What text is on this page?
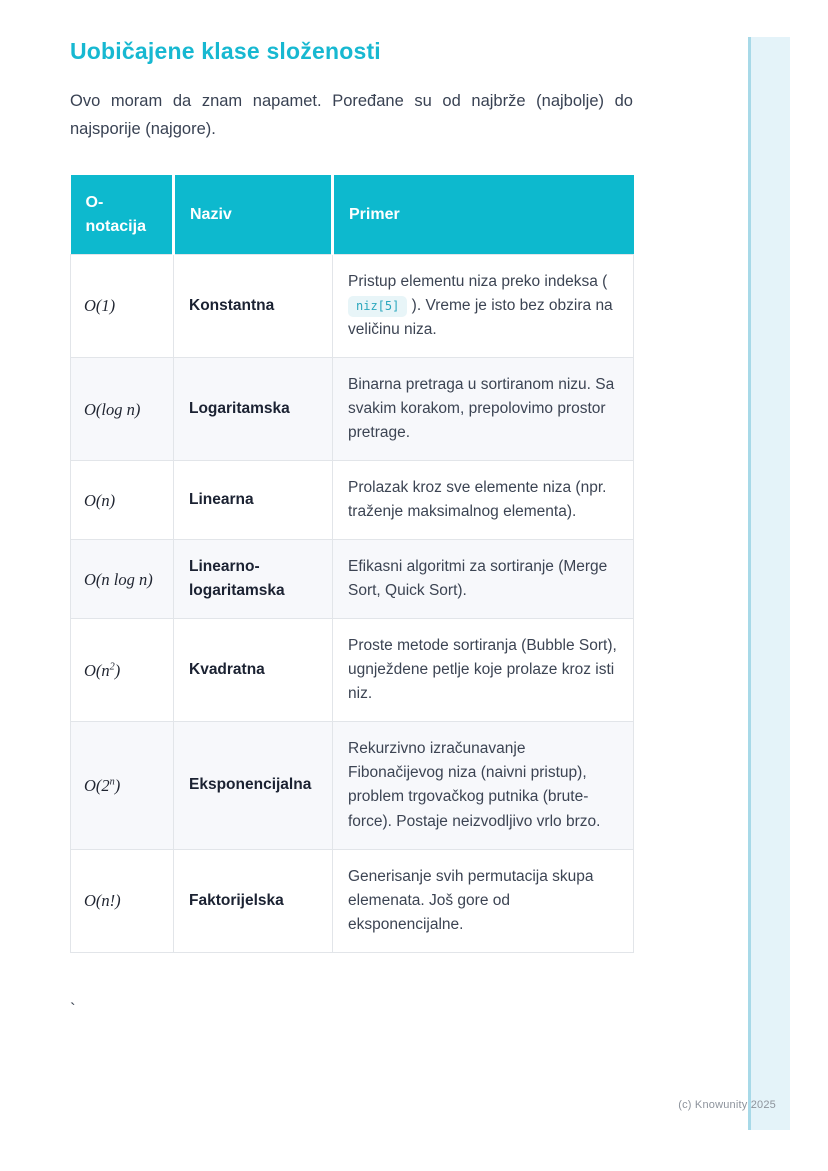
Uobičajene klase složenosti

Ovo moram da znam napamet. Poređane su od najbrže (najbolje) do najsporije (najgore).

O-notacija	Naziv	Primer
O(1)	Konstantna	Pristup elementu niza preko indeksa ( niz[5] ). Vreme je isto bez obzira na veličinu niza.
O(log n)	Logaritamska	Binarna pretraga u sortiranom nizu. Sa svakim korakom, prepolovimo prostor pretrage.
O(n)	Linearna	Prolazak kroz sve elemente niza (npr. traženje maksimalnog elementa).
O(n log n)	Linearno-logaritamska	Efikasni algoritmi za sortiranje (Merge Sort, Quick Sort).
$O(n^2)$	Kvadratna	Proste metode sortiranja (Bubble Sort), ugnježdene petlje koje prolaze kroz isti niz.
O(2$^n$)	Eksponencijalna	Rekurzivno izračunavanje Fibonačijevog niza (naivni pristup), problem trgovačkog putnika (brute-force). Postaje neizvodljivo vrlo brzo.
O(n!)	Faktorijelska	Generisanje svih permutacija skupa elemenata. Još gore od eksponencijalne.
`
(c) Knowunity 2025
